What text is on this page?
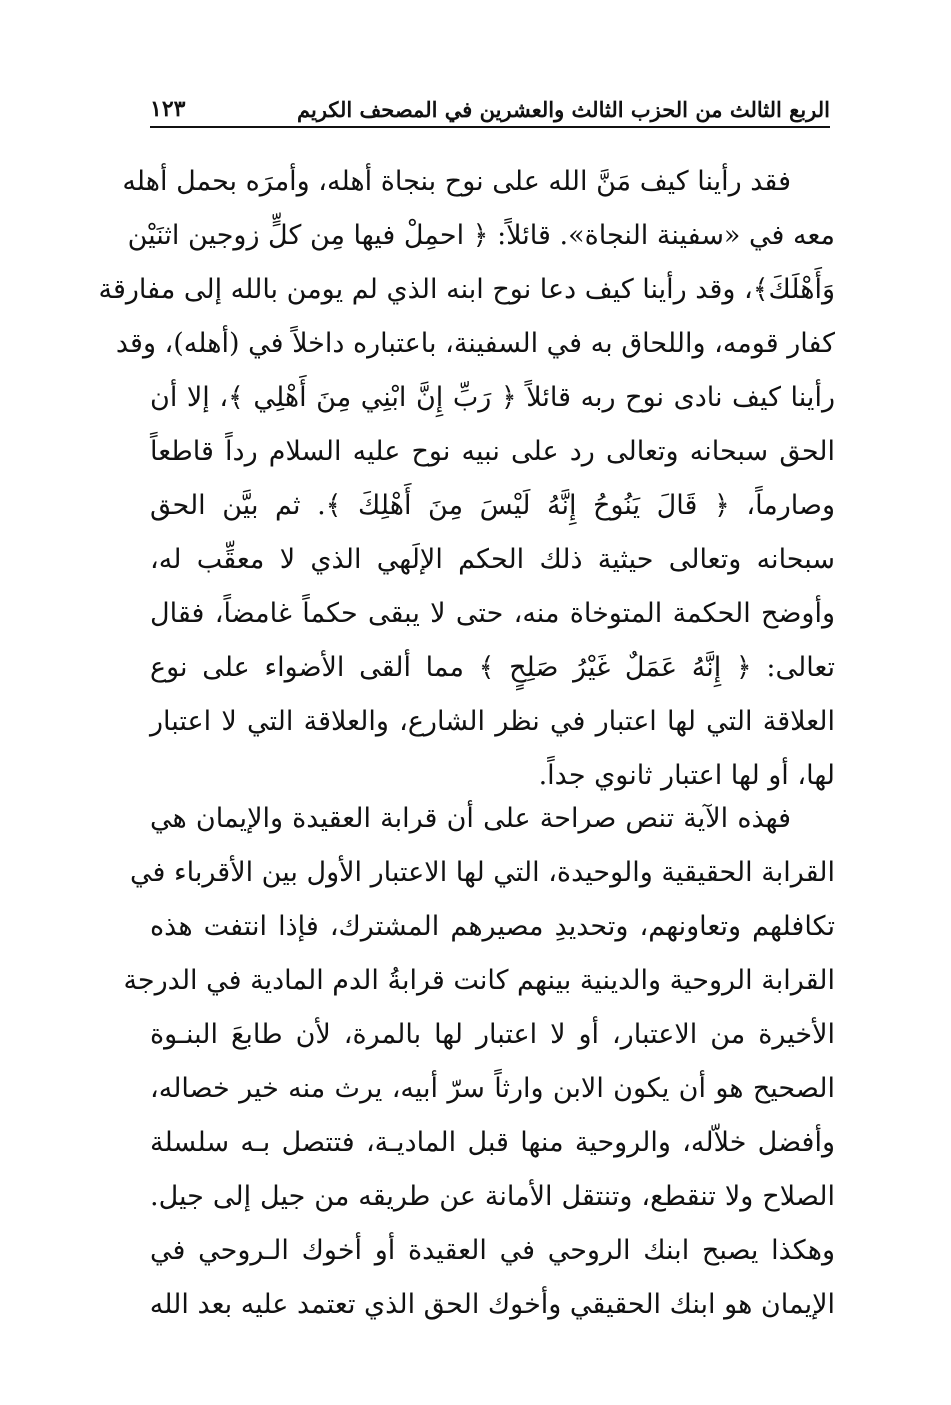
الربع الثالث من الحزب الثالث والعشرين في المصحف الكريم
١٢٣
فقد رأينا كيف مَنَّ الله على نوح بنجاة أهله، وأمرَه بحمل أهله
معه في «سفينة النجاة». قائلاً: ﴿ احمِلْ فيها مِن كلٍّ زوجين اثنَيْن
وَأَهْلَكَ﴾، وقد رأينا كيف دعا نوح ابنه الذي لم يومن بالله إلى مفارقة
كفار قومه، واللحاق به في السفينة، باعتباره داخلاً في (أهله)، وقد
رأينا كيف نادى نوح ربه قائلاً ﴿ رَبِّ إِنَّ ابْنِي مِنَ أَهْلِي ﴾، إلا أن
الحق سبحانه وتعالى رد على نبيه نوح عليه السلام رداً قاطعاً
وصارماً، ﴿ قَالَ يَنُوحُ إِنَّهُ لَيْسَ مِنَ أَهْلِكَ ﴾. ثم بيَّن الحق
سبحانه وتعالى حيثية ذلك الحكم الإلَهي الذي لا معقِّب له،
وأوضح الحكمة المتوخاة منه، حتى لا يبقى حكماً غامضاً، فقال
تعالى: ﴿ إِنَّهُ عَمَلٌ غَيْرُ صَلِحٍ ﴾ مما ألقى الأضواء على نوع
العلاقة التي لها اعتبار في نظر الشارع، والعلاقة التي لا اعتبار
لها، أو لها اعتبار ثانوي جداً.
فهذه الآية تنص صراحة على أن قرابة العقيدة والإيمان هي
القرابة الحقيقية والوحيدة، التي لها الاعتبار الأول بين الأقرباء في
تكافلهم وتعاونهم، وتحديدِ مصيرهم المشترك، فإذا انتفت هذه
القرابة الروحية والدينية بينهم كانت قرابةُ الدم المادية في الدرجة
الأخيرة من الاعتبار، أو لا اعتبار لها بالمرة، لأن طابعَ البنـوة
الصحيح هو أن يكون الابن وارثاً سرّ أبيه، يرث منه خير خصاله،
وأفضل خلاّله، والروحية منها قبل الماديـة، فتتصل بـه سلسلة
الصلاح ولا تنقطع، وتنتقل الأمانة عن طريقه من جيل إلى جيل.
وهكذا يصبح ابنك الروحي في العقيدة أو أخوك الـروحي في
الإيمان هو ابنك الحقيقي وأخوك الحق الذي تعتمد عليه بعد الله
